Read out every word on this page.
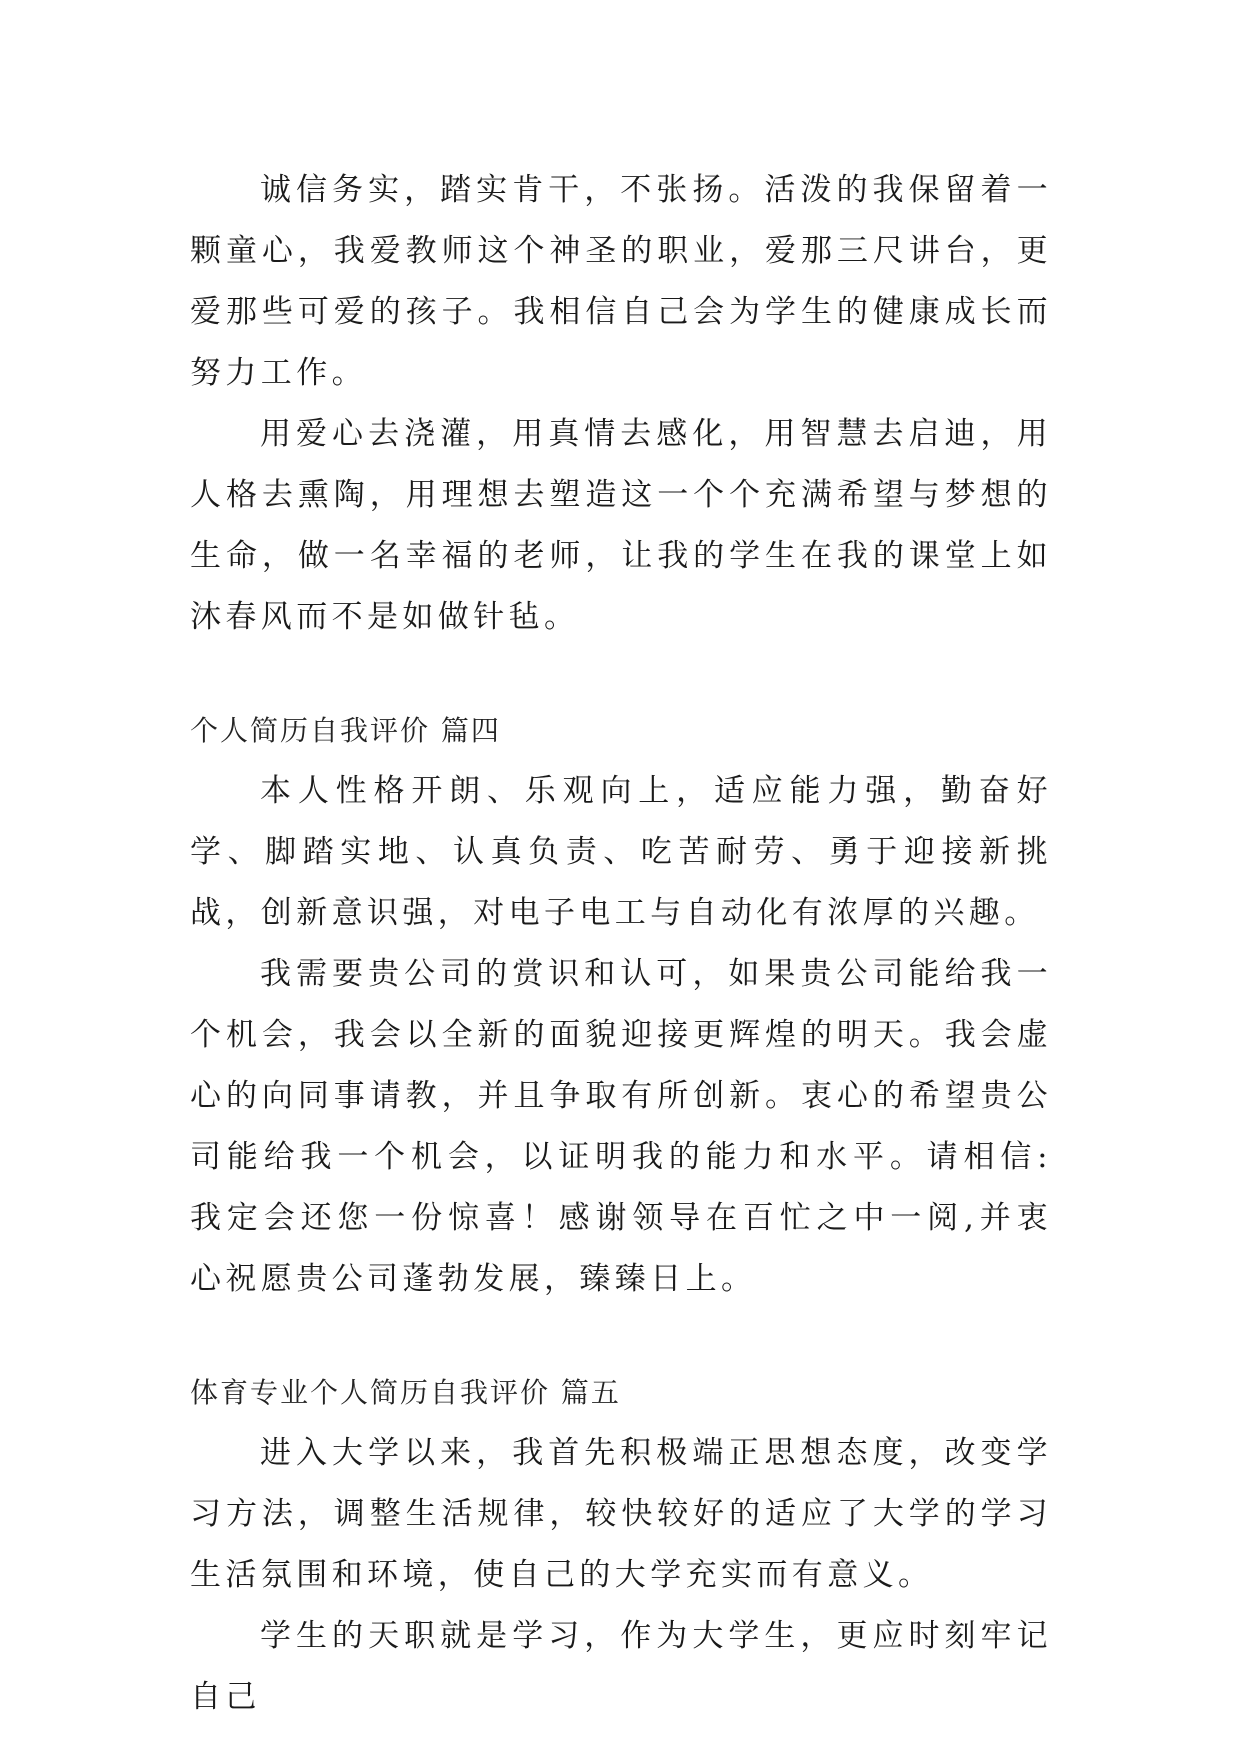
诚信务实，踏实肯干，不张扬。活泼的我保留着一颗童心，我爱教师这个神圣的职业，爱那三尺讲台，更爱那些可爱的孩子。我相信自己会为学生的健康成长而努力工作。

用爱心去浇灌，用真情去感化，用智慧去启迪，用人格去熏陶，用理想去塑造这一个个充满希望与梦想的生命，做一名幸福的老师，让我的学生在我的课堂上如沐春风而不是如做针毡。

个人简历自我评价 篇四

本人性格开朗、乐观向上，适应能力强，勤奋好学、脚踏实地、认真负责、吃苦耐劳、勇于迎接新挑战，创新意识强，对电子电工与自动化有浓厚的兴趣。

我需要贵公司的赏识和认可，如果贵公司能给我一个机会，我会以全新的面貌迎接更辉煌的明天。我会虚心的向同事请教，并且争取有所创新。衷心的希望贵公司能给我一个机会，以证明我的能力和水平。请相信:我定会还您一份惊喜！感谢领导在百忙之中一阅,并衷心祝愿贵公司蓬勃发展，臻臻日上。

体育专业个人简历自我评价 篇五

进入大学以来，我首先积极端正思想态度，改变学习方法，调整生活规律，较快较好的适应了大学的学习生活氛围和环境，使自己的大学充实而有意义。

学生的天职就是学习，作为大学生，更应时刻牢记自己
